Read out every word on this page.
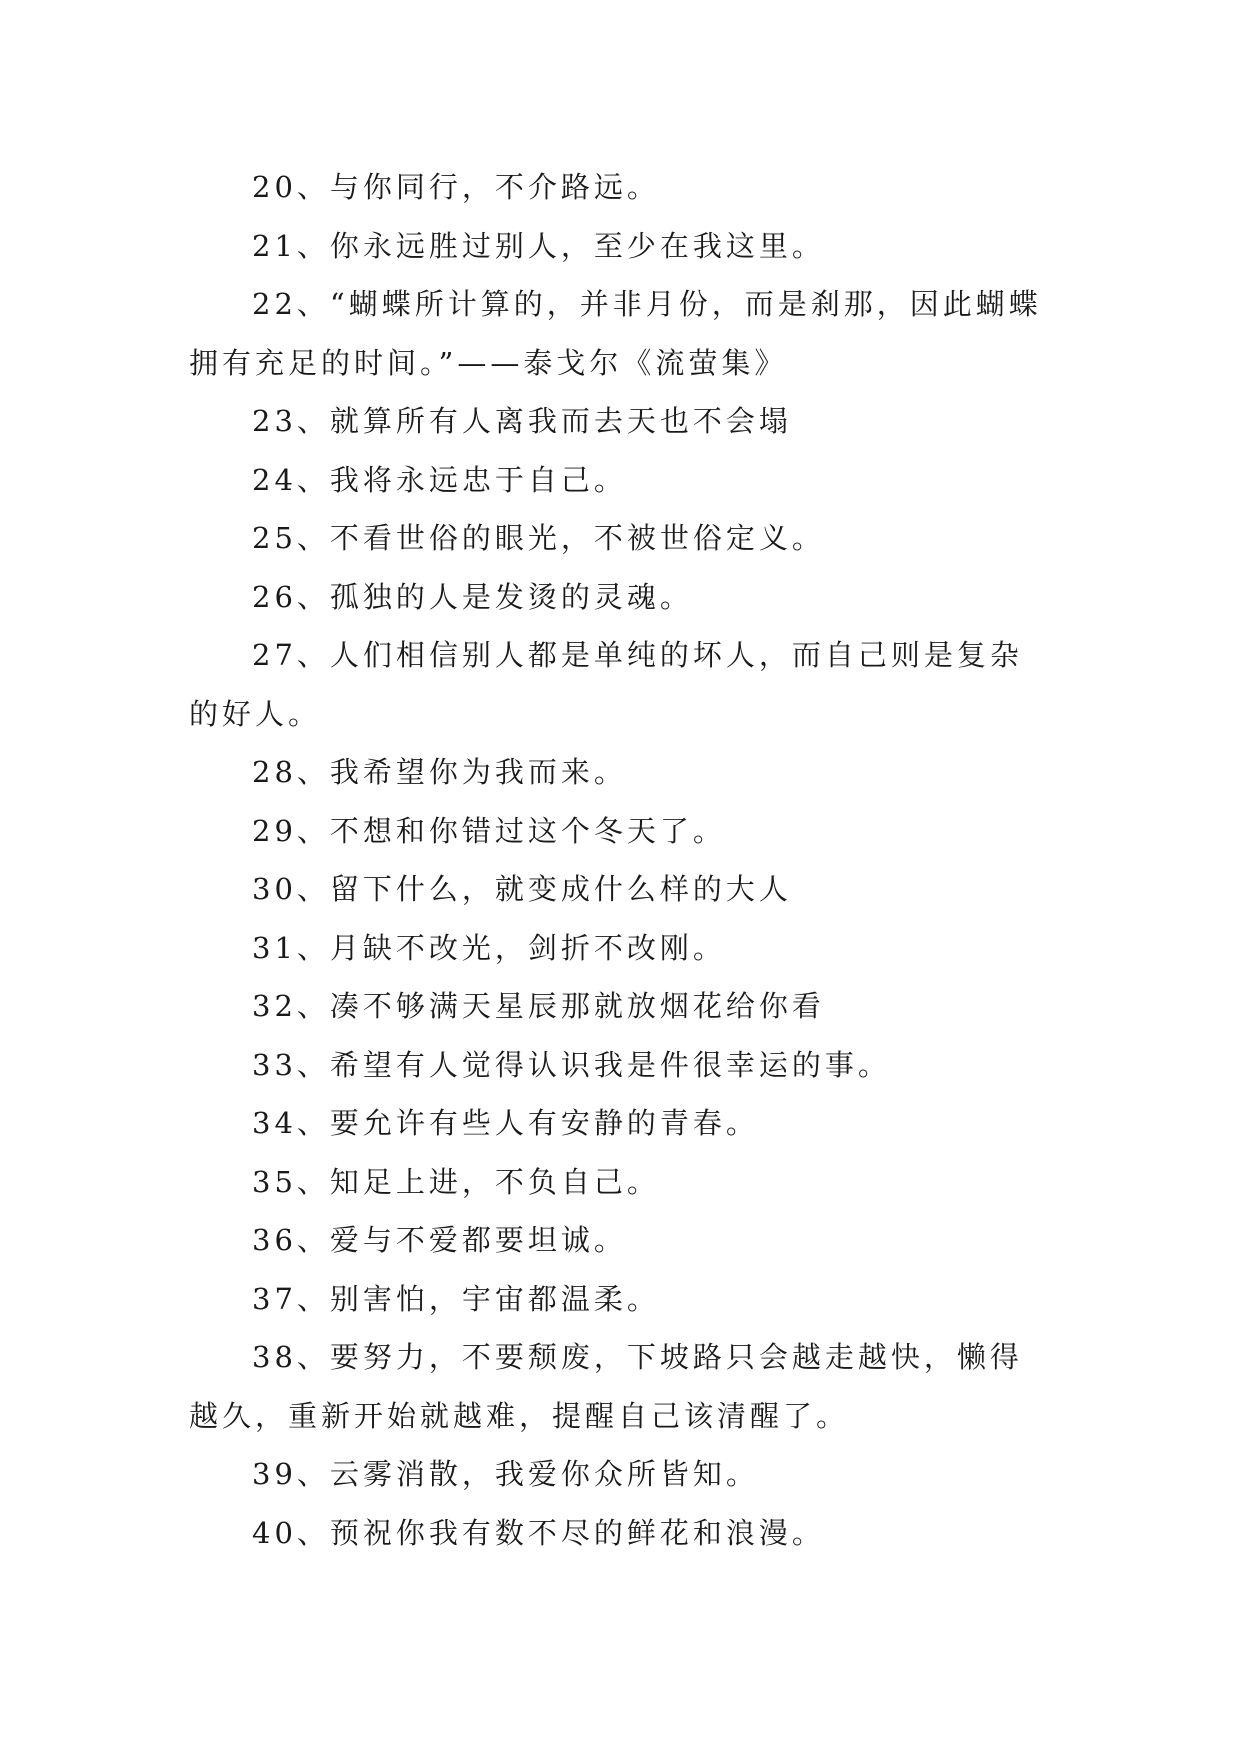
20、与你同行，不介路远。

21、你永远胜过别人，至少在我这里。

22、“蝴蝶所计算的，并非月份，而是刹那，因此蝴蝶拥有充足的时间。”——泰戈尔《流萤集》

23、就算所有人离我而去天也不会塌

24、我将永远忠于自己。

25、不看世俗的眼光，不被世俗定义。

26、孤独的人是发烫的灵魂。

27、人们相信别人都是单纯的坏人，而自己则是复杂的好人。

28、我希望你为我而来。

29、不想和你错过这个冬天了。

30、留下什么，就变成什么样的大人

31、月缺不改光，剑折不改刚。

32、凑不够满天星辰那就放烟花给你看

33、希望有人觉得认识我是件很幸运的事。

34、要允许有些人有安静的青春。

35、知足上进，不负自己。

36、爱与不爱都要坦诚。

37、别害怕，宇宙都温柔。

38、要努力，不要颓废，下坡路只会越走越快，懒得越久，重新开始就越难，提醒自己该清醒了。

39、云雾消散，我爱你众所皆知。

40、预祝你我有数不尽的鲜花和浪漫。
